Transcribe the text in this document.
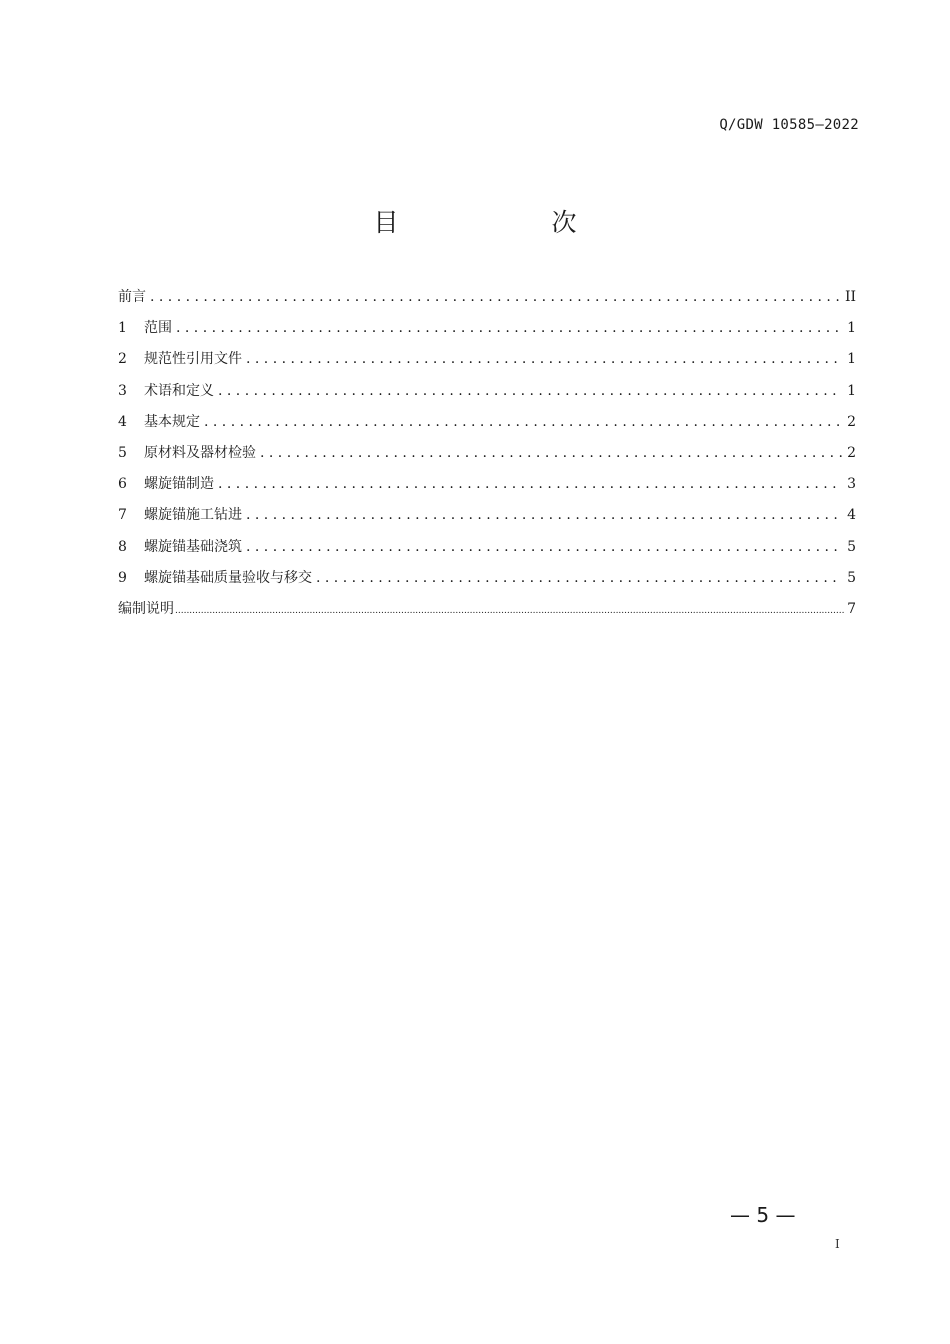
Q/GDW 10585—2022
目　次
前言 . . .	II
1	范围 . . .	1
2	规范性引用文件 . . .	1
3	术语和定义 . . .	1
4	基本规定 . . .	2
5	原材料及器材检验 . . .	2
6	螺旋锚制造 . . .	3
7	螺旋锚施工钻进 . . .	4
8	螺旋锚基础浇筑 . . .	5
9	螺旋锚基础质量验收与移交 . . .	5
编制说明 .....	7
— 5 —
I
